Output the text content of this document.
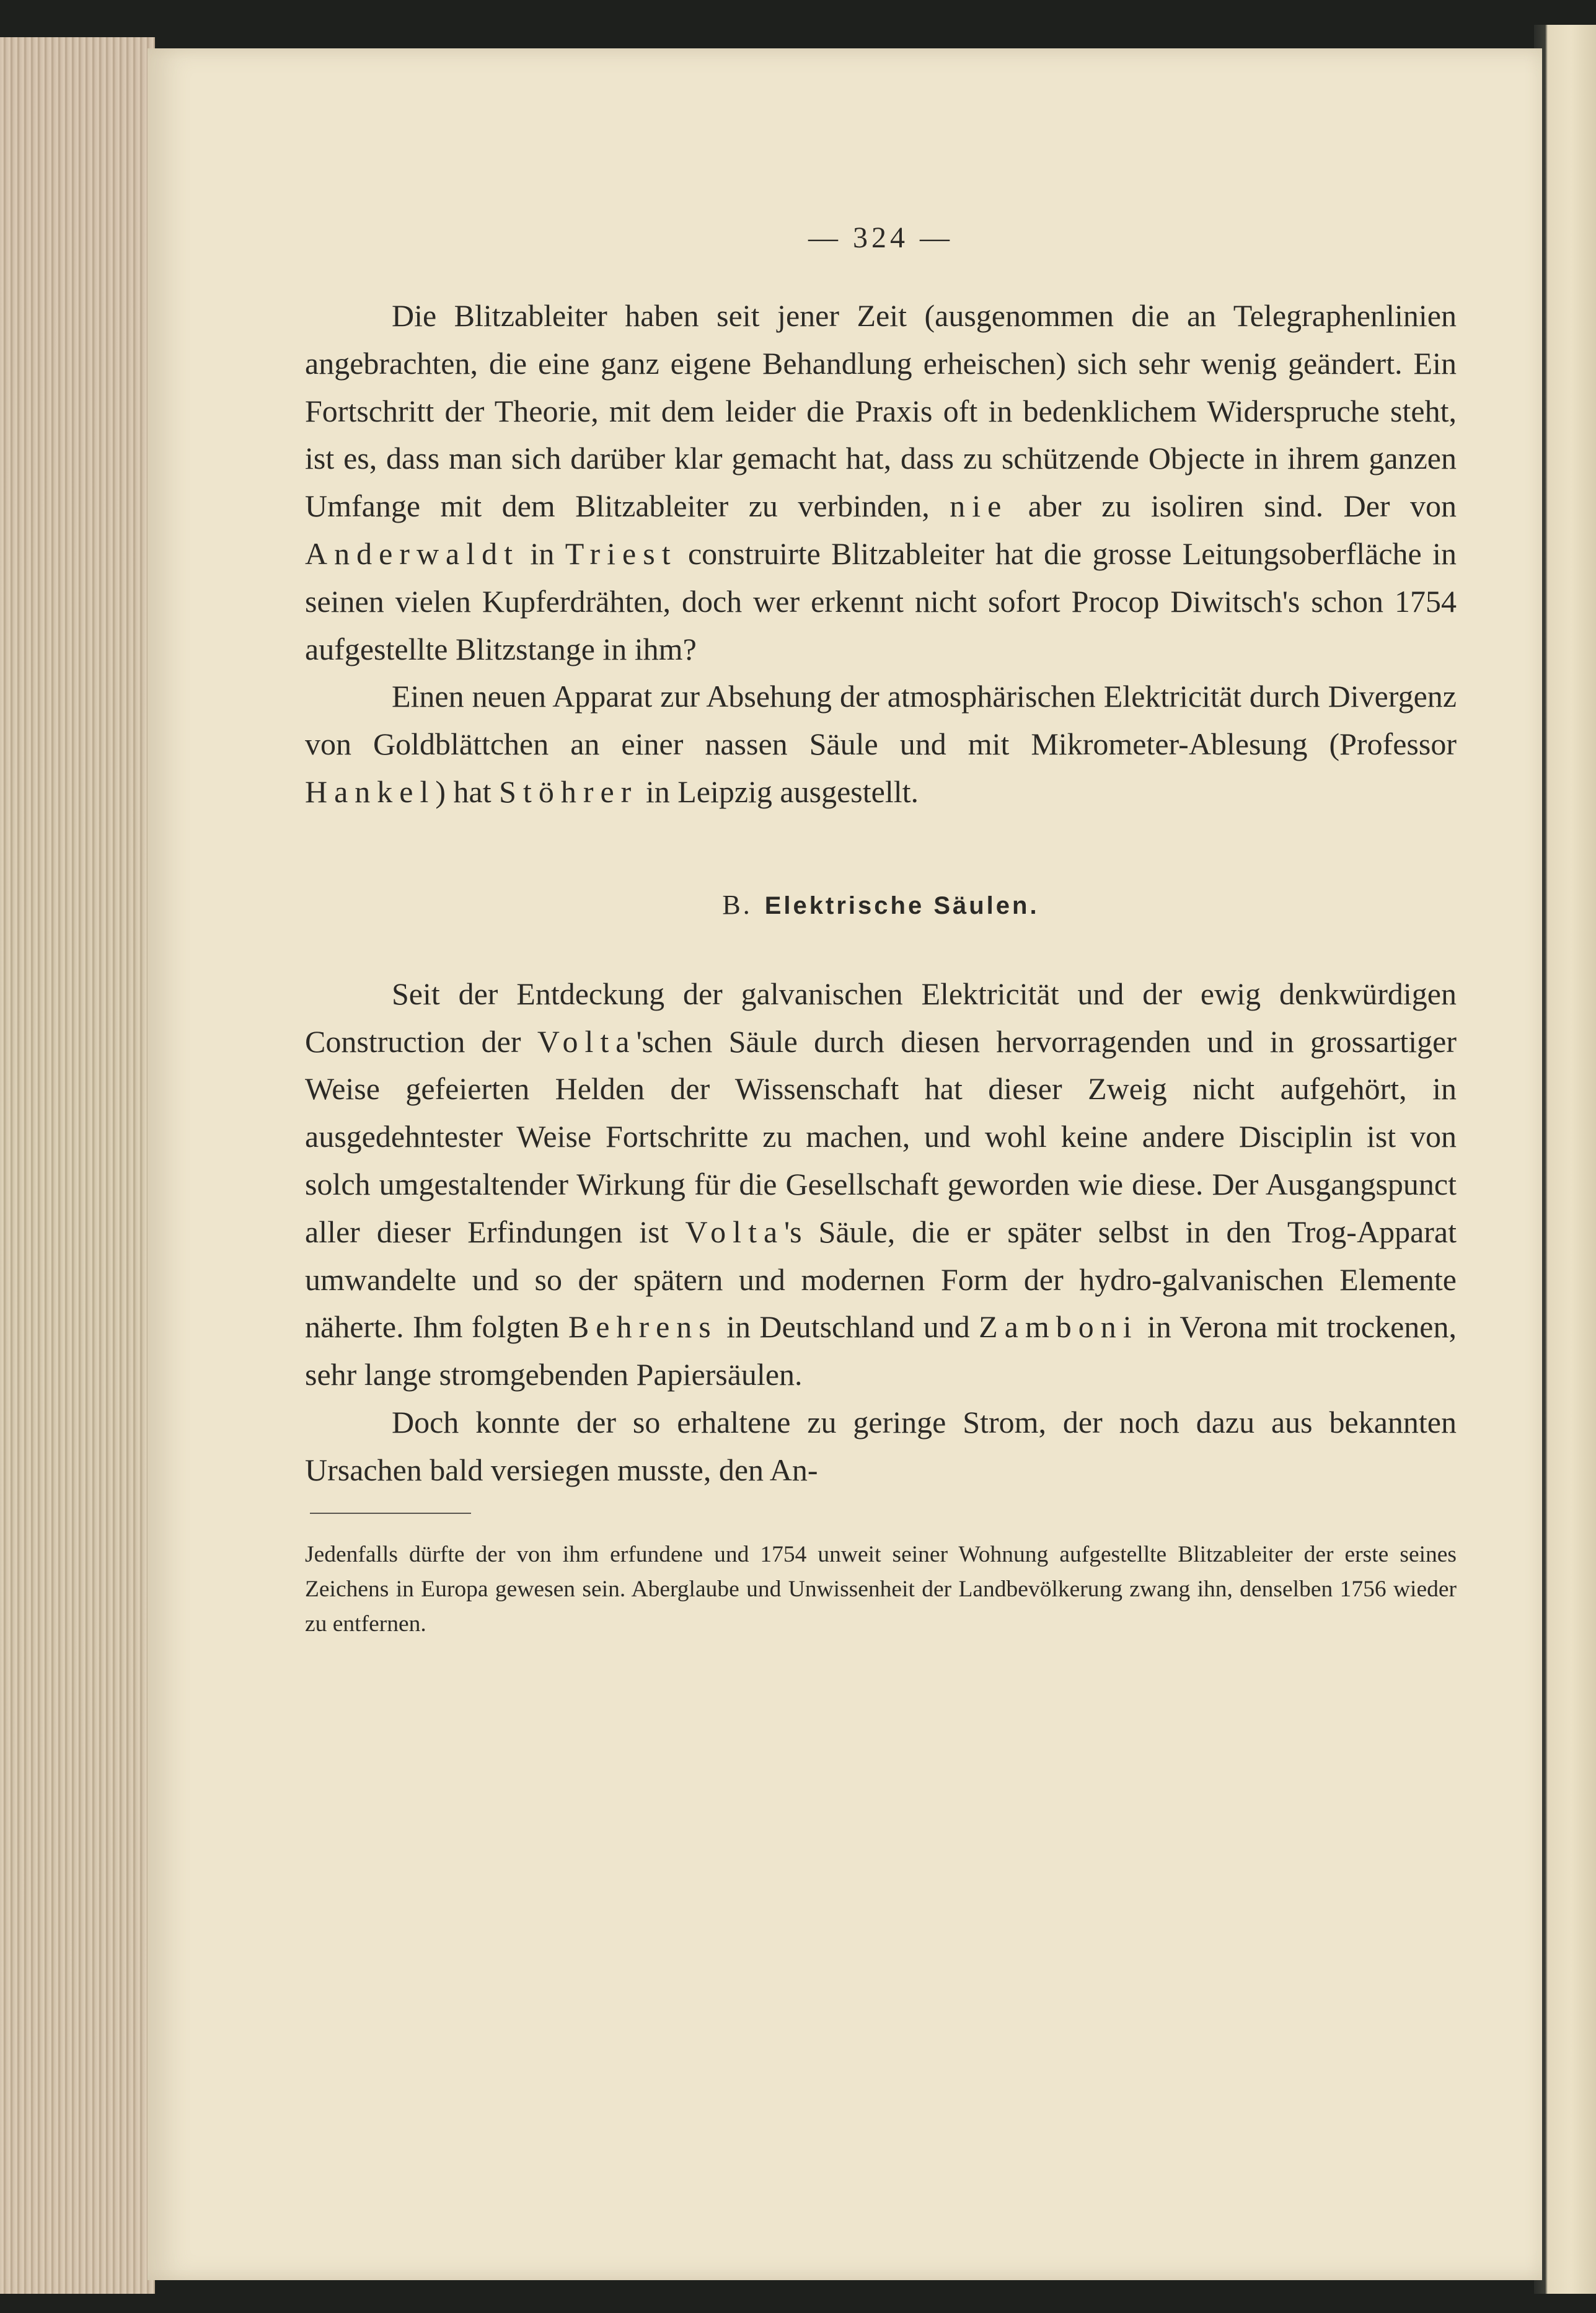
— 324 —

Die Blitzableiter haben seit jener Zeit (ausgenommen die an Telegraphenlinien angebrachten, die eine ganz eigene Behandlung erheischen) sich sehr wenig geändert. Ein Fortschritt der Theorie, mit dem leider die Praxis oft in bedenklichem Widerspruche steht, ist es, dass man sich darüber klar gemacht hat, dass zu schützende Objecte in ihrem ganzen Umfange mit dem Blitzableiter zu verbinden, nie aber zu isoliren sind. Der von Anderwaldt in Triest construirte Blitzableiter hat die grosse Leitungsoberfläche in seinen vielen Kupferdrähten, doch wer erkennt nicht sofort Procop Diwitsch's schon 1754 aufgestellte Blitzstange in ihm?

Einen neuen Apparat zur Absehung der atmosphärischen Elektricität durch Divergenz von Goldblättchen an einer nassen Säule und mit Mikrometer-Ablesung (Professor Hankel) hat Stöhrer in Leipzig ausgestellt.

B. Elektrische Säulen.

Seit der Entdeckung der galvanischen Elektricität und der ewig denkwürdigen Construction der Volta'schen Säule durch diesen hervorragenden und in grossartiger Weise gefeierten Helden der Wissenschaft hat dieser Zweig nicht aufgehört, in ausgedehntester Weise Fortschritte zu machen, und wohl keine andere Disciplin ist von solch umgestaltender Wirkung für die Gesellschaft geworden wie diese. Der Ausgangspunct aller dieser Erfindungen ist Volta's Säule, die er später selbst in den Trog-Apparat umwandelte und so der spätern und modernen Form der hydro-galvanischen Elemente näherte. Ihm folgten Behrens in Deutschland und Zamboni in Verona mit trockenen, sehr lange stromgebenden Papiersäulen.

Doch konnte der so erhaltene zu geringe Strom, der noch dazu aus bekannten Ursachen bald versiegen musste, den An-

Jedenfalls dürfte der von ihm erfundene und 1754 unweit seiner Wohnung aufgestellte Blitzableiter der erste seines Zeichens in Europa gewesen sein. Aberglaube und Unwissenheit der Landbevölkerung zwang ihn, denselben 1756 wieder zu entfernen.
